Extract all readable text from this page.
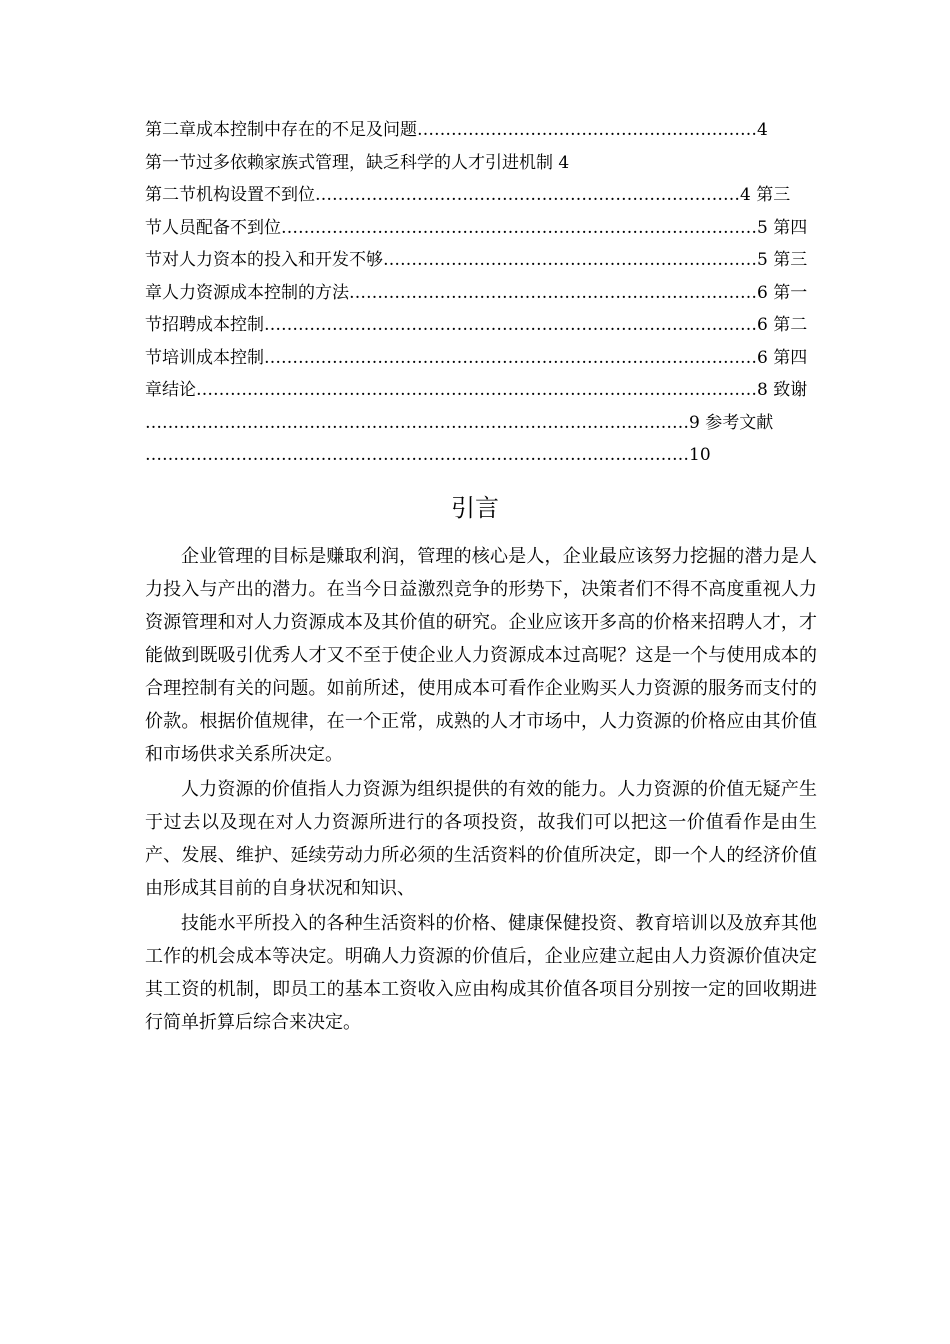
第二章成本控制中存在的不足及问题……………………………………………………4
第一节过多依赖家族式管理，缺乏科学的人才引进机制 4
第二节机构设置不到位…………………………………………………………………4 第三
节人员配备不到位…………………………………………………………………………5 第四
节对人力资本的投入和开发不够…………………………………………………………5 第三
章人力资源成本控制的方法………………………………………………………………6 第一
节招聘成本控制……………………………………………………………………………6 第二
节培训成本控制……………………………………………………………………………6 第四
章结论………………………………………………………………………………………8 致谢
……………………………………………………………………………………9 参考文献
……………………………………………………………………………………10
引言

企业管理的目标是赚取利润，管理的核心是人，企业最应该努力挖掘的潜力是人力投入与产出的潜力。在当今日益激烈竞争的形势下，决策者们不得不高度重视人力资源管理和对人力资源成本及其价值的研究。企业应该开多高的价格来招聘人才，才能做到既吸引优秀人才又不至于使企业人力资源成本过高呢？这是一个与使用成本的合理控制有关的问题。如前所述，使用成本可看作企业购买人力资源的服务而支付的价款。根据价值规律，在一个正常，成熟的人才市场中，人力资源的价格应由其价值和市场供求关系所决定。

人力资源的价值指人力资源为组织提供的有效的能力。人力资源的价值无疑产生于过去以及现在对人力资源所进行的各项投资，故我们可以把这一价值看作是由生产、发展、维护、延续劳动力所必须的生活资料的价值所决定，即一个人的经济价值由形成其目前的自身状况和知识、

技能水平所投入的各种生活资料的价格、健康保健投资、教育培训以及放弃其他工作的机会成本等决定。明确人力资源的价值后，企业应建立起由人力资源价值决定其工资的机制，即员工的基本工资收入应由构成其价值各项目分别按一定的回收期进行简单折算后综合来决定。
